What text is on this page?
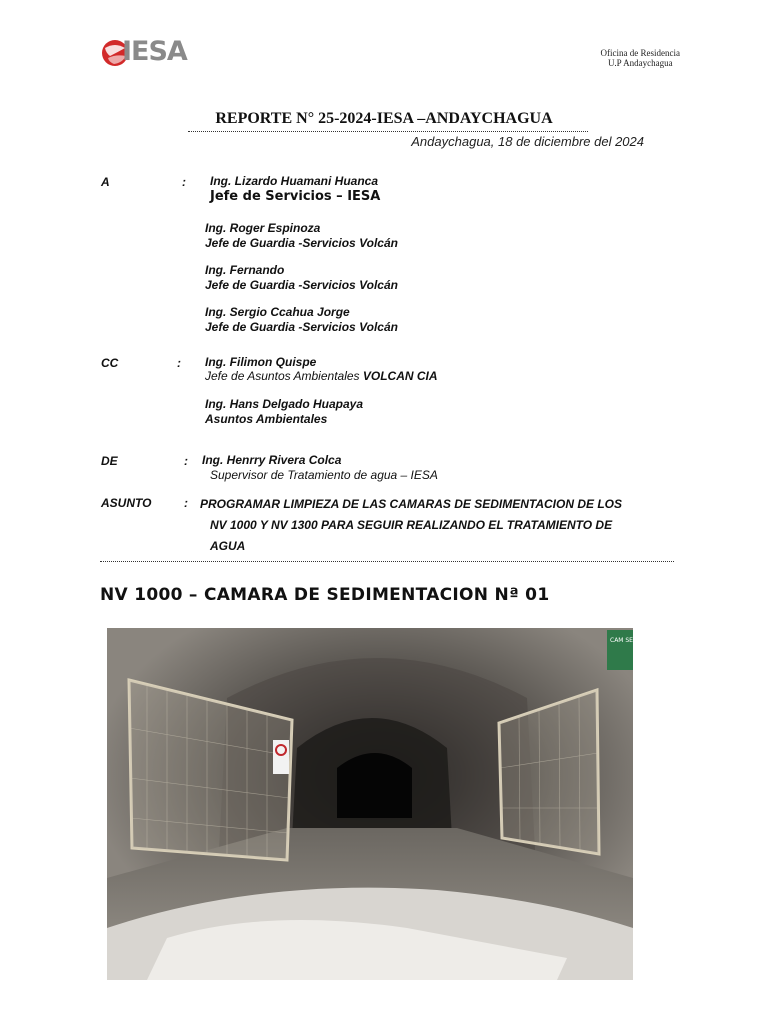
IESA	Oficina de Residencia
U.P Andaychagua
REPORTE N° 25-2024-IESA –ANDAYCHAGUA
Andaychagua, 18 de diciembre del 2024
A	: Ing. Lizardo Huamani Huanca
Jefe de Servicios – IESA
Ing. Roger Espinoza
Jefe de Guardia -Servicios Volcán
Ing. Fernando
Jefe de Guardia -Servicios Volcán
Ing. Sergio Ccahua Jorge
Jefe de Guardia -Servicios Volcán
CC	: Ing. Filimon Quispe
Jefe de Asuntos Ambientales VOLCAN CIA
Ing. Hans Delgado Huapaya
Asuntos Ambientales
DE	: Ing. Henrry Rivera Colca
Supervisor de Tratamiento de agua – IESA
ASUNTO	: PROGRAMAR LIMPIEZA DE LAS CAMARAS DE SEDIMENTACION DE LOS
NV 1000 Y NV 1300 PARA SEGUIR REALIZANDO EL TRATAMIENTO DE
AGUA
NV 1000 – CAMARA DE SEDIMENTACION Nª 01
CAM SEDIM Nº
